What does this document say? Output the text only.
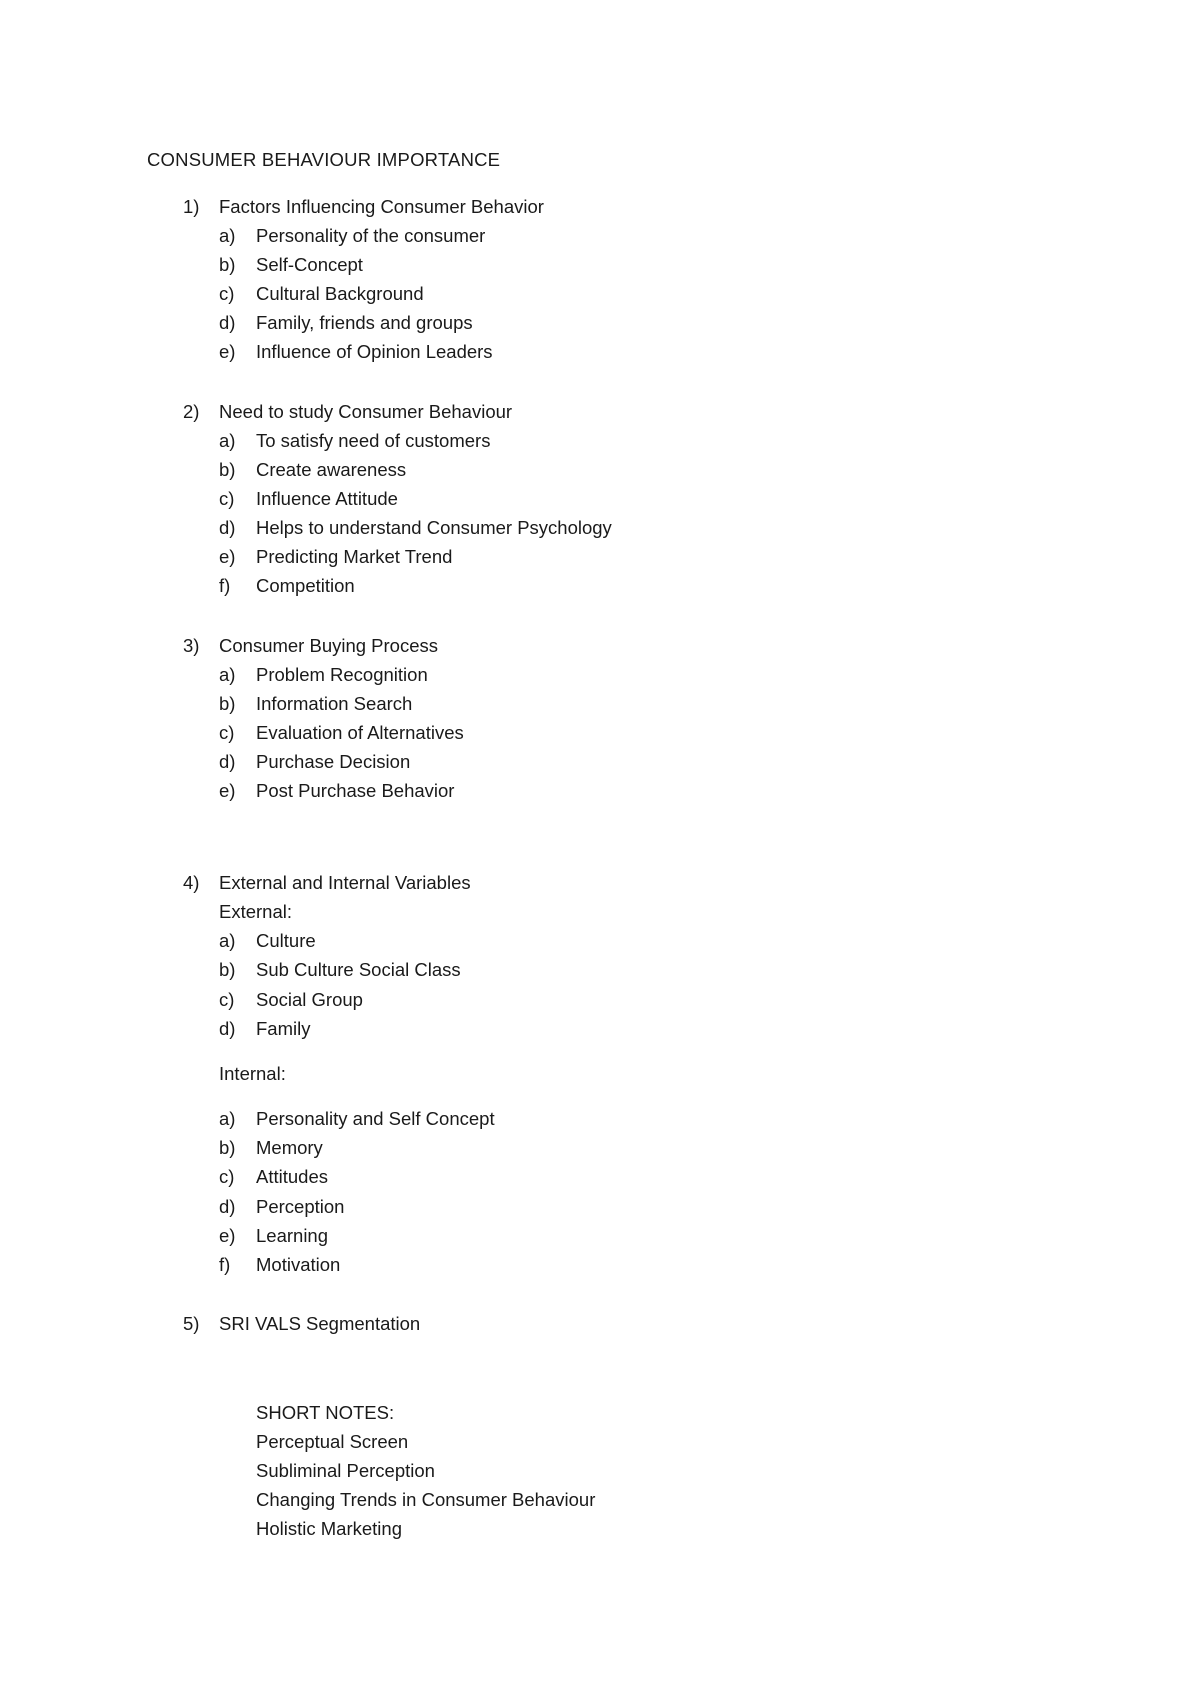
CONSUMER BEHAVIOUR IMPORTANCE
1) Factors Influencing Consumer Behavior
a) Personality of the consumer
b) Self-Concept
c) Cultural Background
d) Family, friends and groups
e) Influence of Opinion Leaders
2) Need to study Consumer Behaviour
a) To satisfy need of customers
b) Create awareness
c) Influence Attitude
d) Helps to understand Consumer Psychology
e) Predicting Market Trend
f) Competition
3) Consumer Buying Process
a) Problem Recognition
b) Information Search
c) Evaluation of Alternatives
d) Purchase Decision
e) Post Purchase Behavior
4) External and Internal Variables
External:
a) Culture
b) Sub Culture Social Class
c) Social Group
d) Family
Internal:
a) Personality and Self Concept
b) Memory
c) Attitudes
d) Perception
e) Learning
f) Motivation
5) SRI VALS Segmentation
SHORT NOTES:
Perceptual Screen
Subliminal Perception
Changing Trends in Consumer Behaviour
Holistic Marketing
